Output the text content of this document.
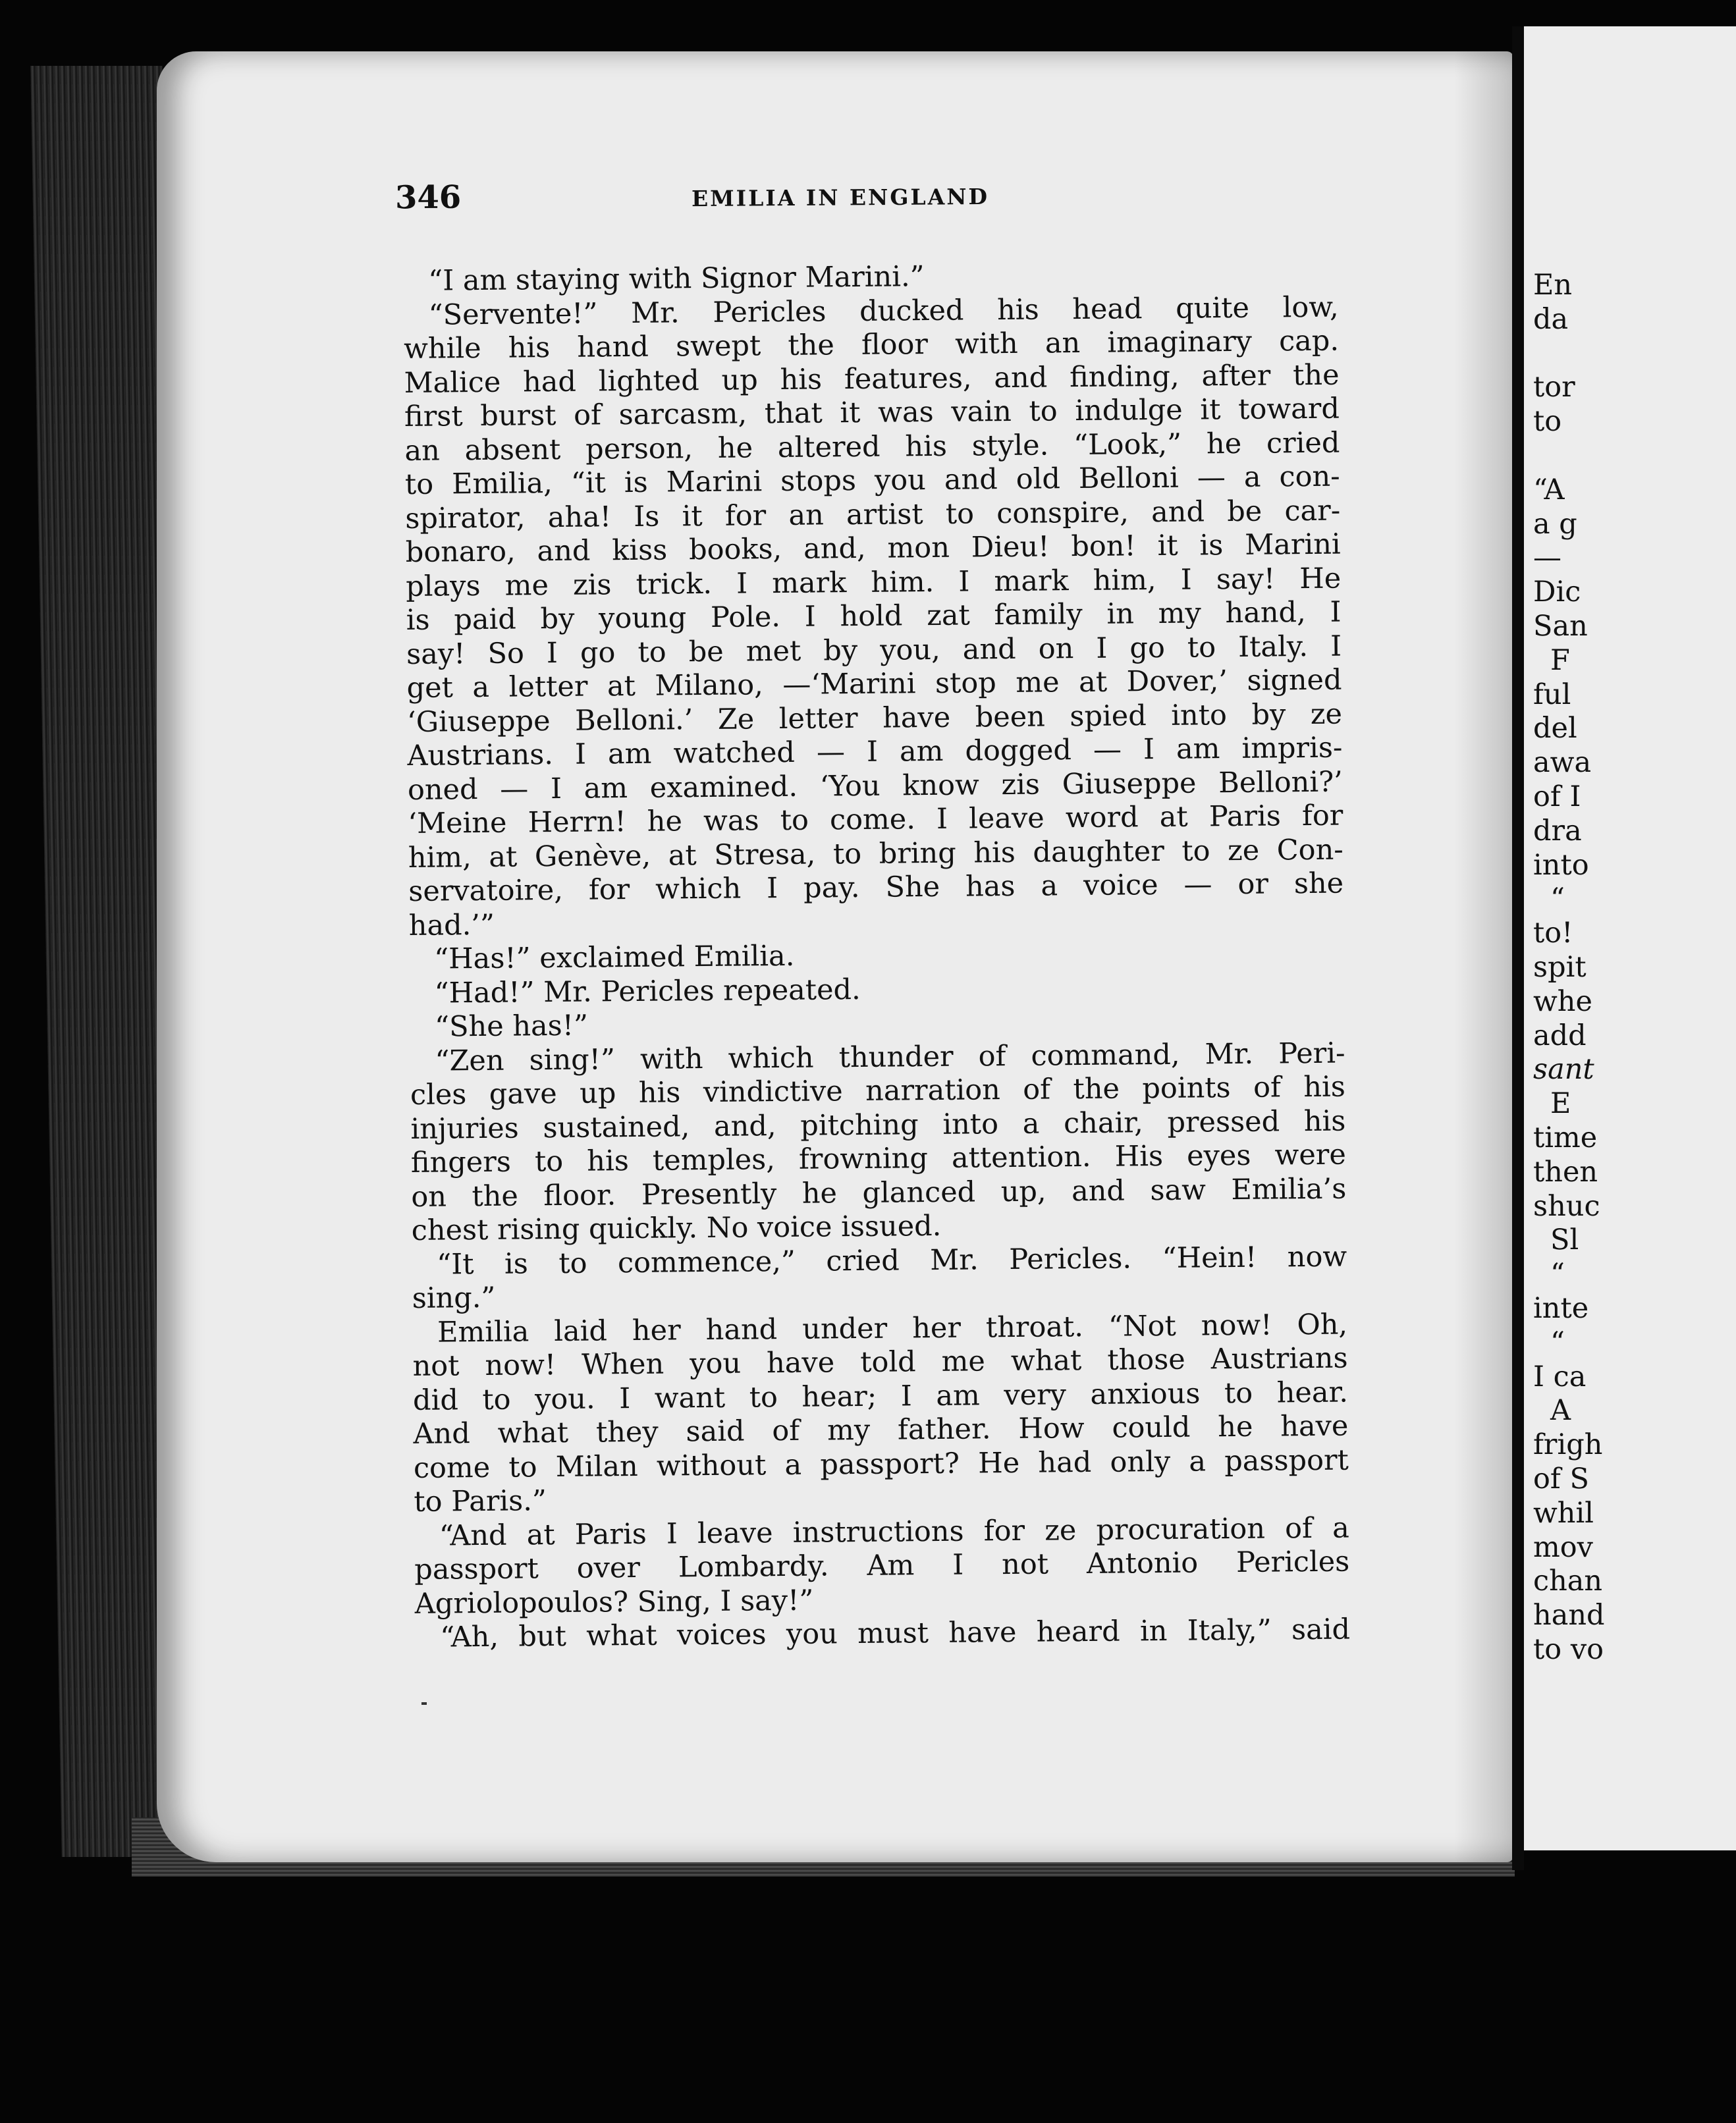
346	EMILIA IN ENGLAND

“I am staying with Signor Marini.”

“Servente!” Mr. Pericles ducked his head quite low,

while his hand swept the floor with an imaginary cap.

Malice had lighted up his features, and finding, after the

first burst of sarcasm, that it was vain to indulge it toward

an absent person, he altered his style. “Look,” he cried

to Emilia, “it is Marini stops you and old Belloni — a con-

spirator, aha! Is it for an artist to conspire, and be car-

bonaro, and kiss books, and, mon Dieu! bon! it is Marini

plays me zis trick. I mark him. I mark him, I say! He

is paid by young Pole. I hold zat family in my hand, I

say! So I go to be met by you, and on I go to Italy. I

get a letter at Milano, —‘Marini stop me at Dover,’ signed

‘Giuseppe Belloni.’ Ze letter have been spied into by ze

Austrians. I am watched — I am dogged — I am impris-

oned — I am examined. ‘You know zis Giuseppe Belloni?’

‘Meine Herrn! he was to come. I leave word at Paris for

him, at Genève, at Stresa, to bring his daughter to ze Con-

servatoire, for which I pay. She has a voice — or she

had.’”

“Has!” exclaimed Emilia.

“Had!” Mr. Pericles repeated.

“She has!”

“Zen sing!” with which thunder of command, Mr. Peri-

cles gave up his vindictive narration of the points of his

injuries sustained, and, pitching into a chair, pressed his

fingers to his temples, frowning attention. His eyes were

on the floor. Presently he glanced up, and saw Emilia’s

chest rising quickly. No voice issued.

“It is to commence,” cried Mr. Pericles. “Hein! now

sing.”

Emilia laid her hand under her throat. “Not now! Oh,

not now! When you have told me what those Austrians

did to you. I want to hear; I am very anxious to hear.

And what they said of my father. How could he have

come to Milan without a passport? He had only a passport

to Paris.”

“And at Paris I leave instructions for ze procuration of a

passport over Lombardy. Am I not Antonio Pericles

Agriolopoulos? Sing, I say!”

“Ah, but what voices you must have heard in Italy,” said

En

da

tor

to

“A

a g

—

Dic

San

F

ful

del

awa

of I

dra

into

“

to!

spit

whe

add

sant

E

time

then

shuc

Sl

“

inte

“

I ca

A

frigh

of S

whil

mov

chan

hand

to vo
